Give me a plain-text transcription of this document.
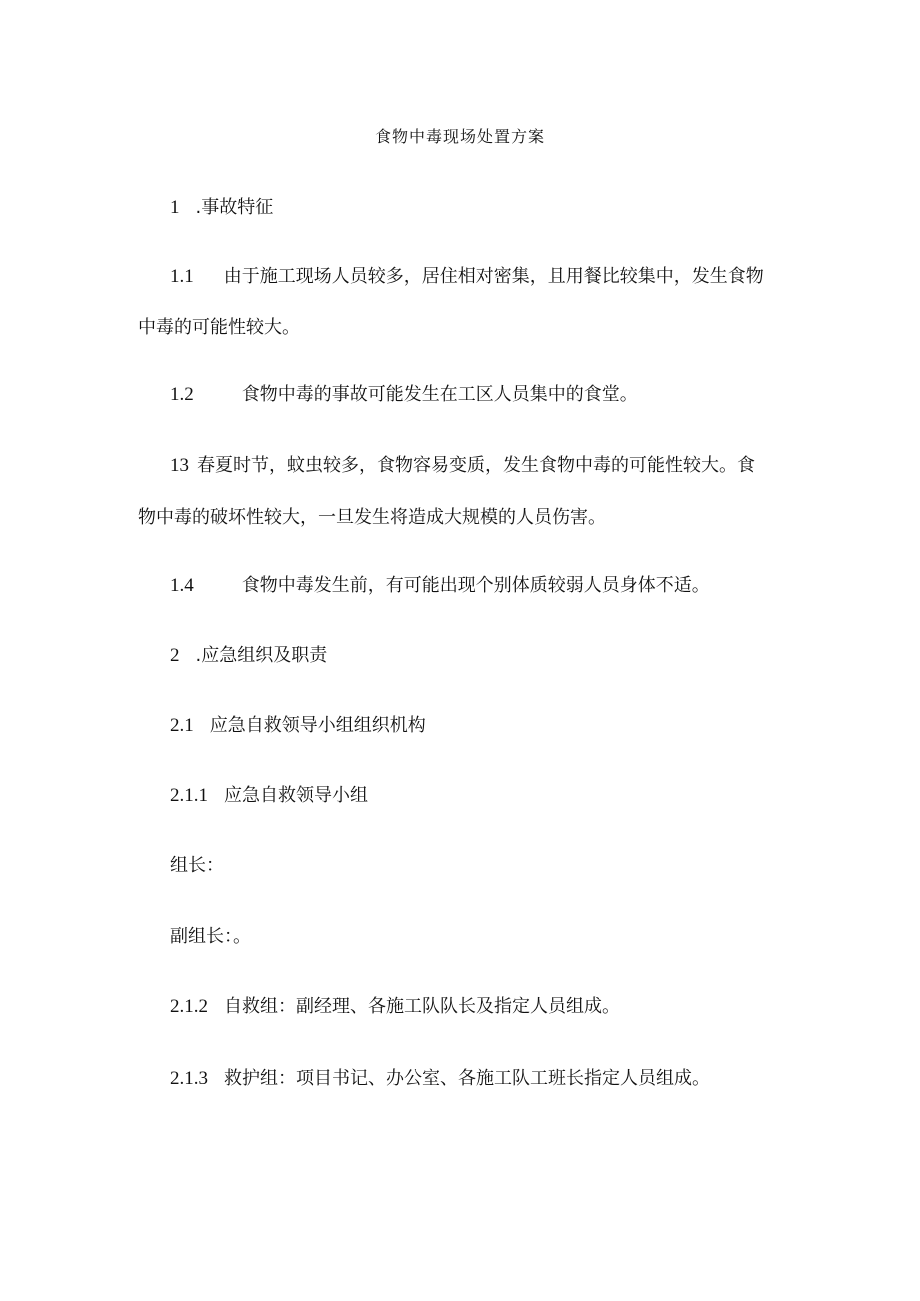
食物中毒现场处置方案
1 .事故特征
1.1 由于施工现场人员较多，居住相对密集，且用餐比较集中，发生食物
中毒的可能性较大。
1.2	食物中毒的事故可能发生在工区人员集中的食堂。
13 春夏时节，蚊虫较多，食物容易变质，发生食物中毒的可能性较大。食
物中毒的破坏性较大，一旦发生将造成大规模的人员伤害。
1.4	食物中毒发生前，有可能出现个别体质较弱人员身体不适。
2 .应急组织及职责
2.1 应急自救领导小组组织机构
2.1.1 应急自救领导小组
组长：
副组长：。
2.1.2 自救组：副经理、各施工队队长及指定人员组成。
2.1.3 救护组：项目书记、办公室、各施工队工班长指定人员组成。
